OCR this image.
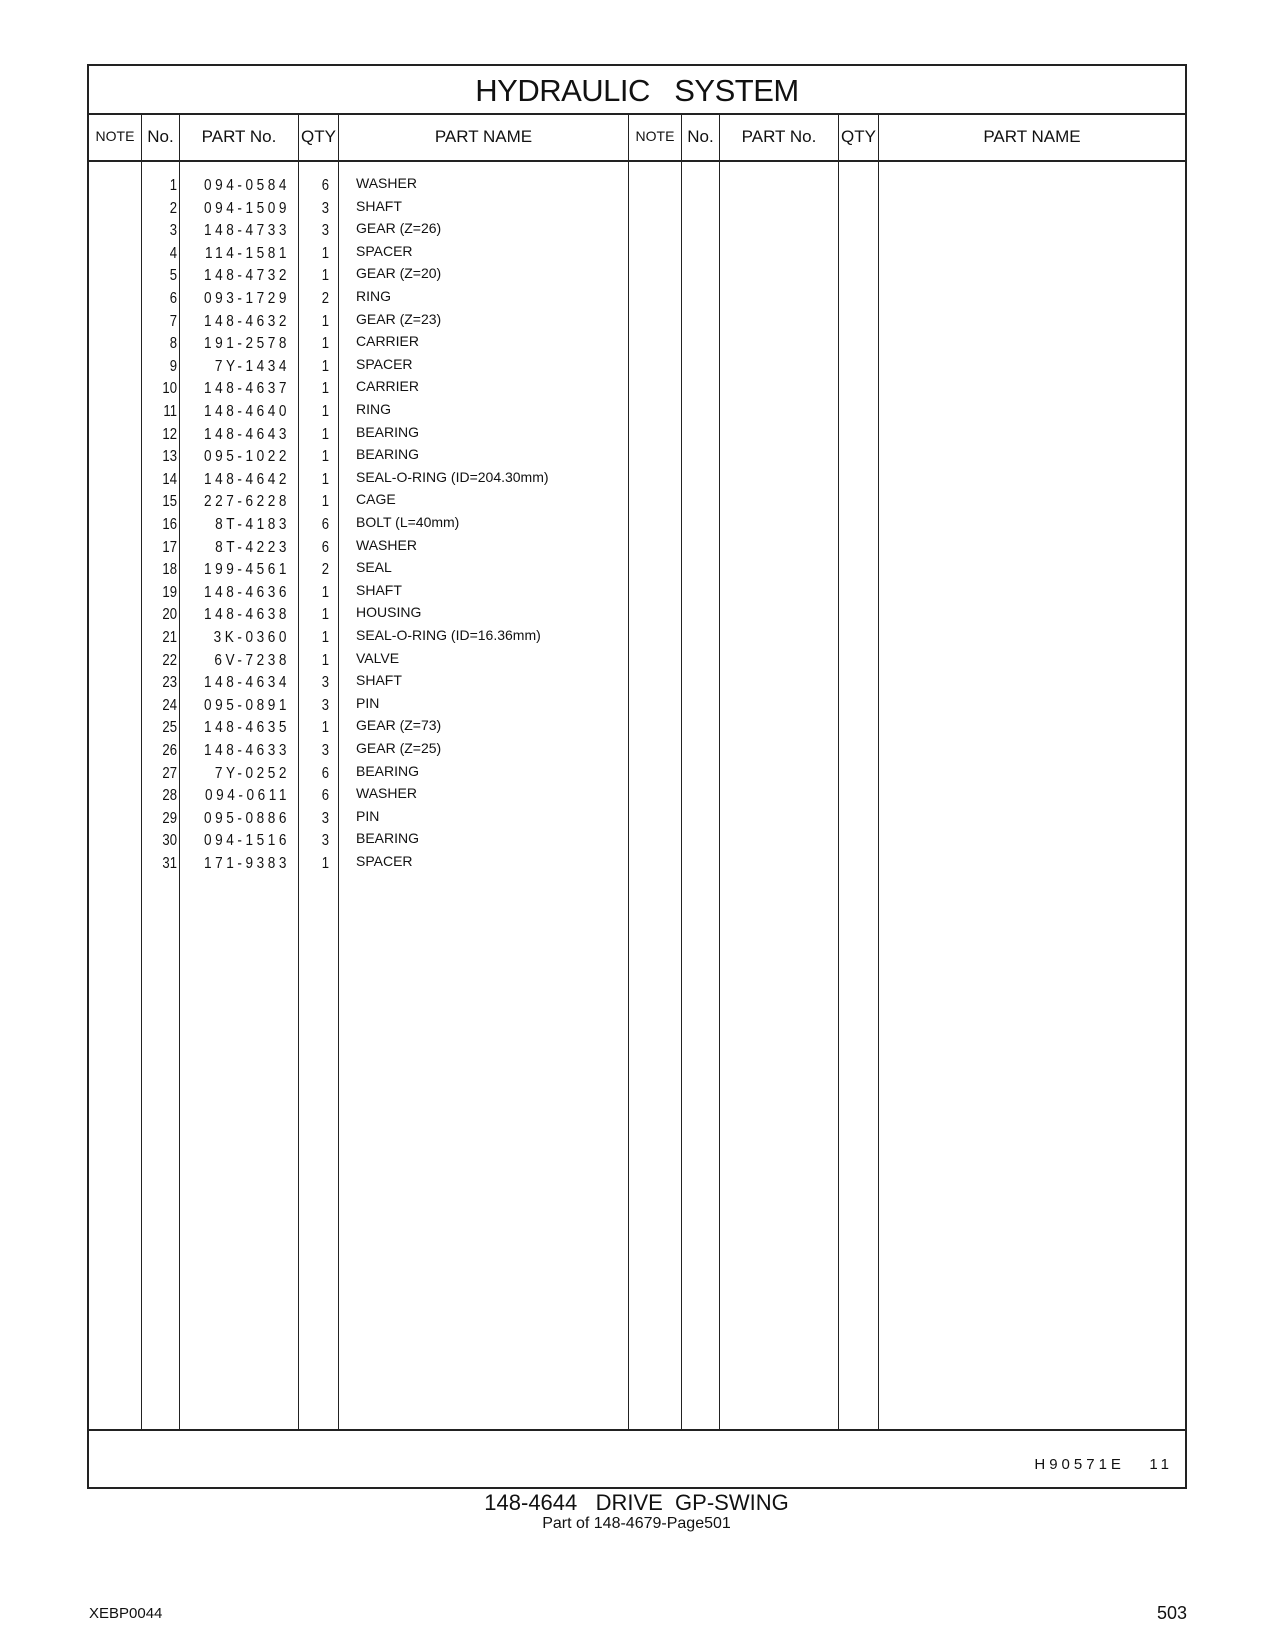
HYDRAULIC   SYSTEM
NOTE No.	PART No.	QTY	PART NAME	NOTE No.	PART No.	QTY	PART NAME
1 094-0584	6 WASHER
2 094-1509	3 SHAFT
3 148-4733	3 GEAR (Z=26)
4 114-1581	1 SPACER
5 148-4732	1 GEAR (Z=20)
6 093-1729	2 RING
7 148-4632	1 GEAR (Z=23)
8 191-2578	1 CARRIER
9	7Y-1434	1 SPACER
10 148-4637	1 CARRIER
11 148-4640	1 RING
12 148-4643	1 BEARING
13 095-1022	1 BEARING
14 148-4642	1 SEAL-O-RING (ID=204.30mm)
15 227-6228	1 CAGE
16	8T-4183	6 BOLT (L=40mm)
17	8T-4223	6 WASHER
18 199-4561	2 SEAL
19 148-4636	1 SHAFT
20 148-4638	1 HOUSING
21	3K-0360	1 SEAL-O-RING (ID=16.36mm)
22	6V-7238	1 VALVE
23 148-4634	3 SHAFT
24 095-0891	3 PIN
25 148-4635	1 GEAR (Z=73)
26 148-4633	3 GEAR (Z=25)
27	7Y-0252	6 BEARING
28 094-0611	6 WASHER
29 095-0886	3 PIN
30 094-1516	3 BEARING
31 171-9383	1 SPACER
H90571E   11
148-4644   DRIVE  GP-SWING
Part of 148-4679-Page501
XEBP0044	503
